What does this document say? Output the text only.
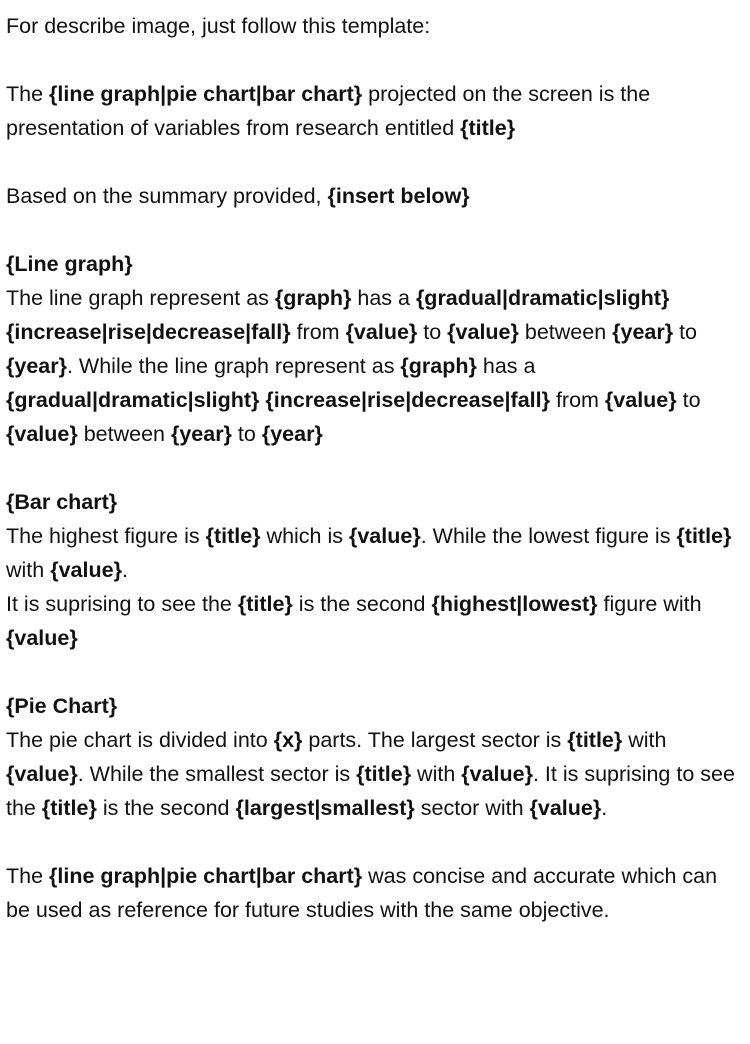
For describe image, just follow this template:

The {line graph|pie chart|bar chart} projected on the screen is the presentation of variables from research entitled {title}

Based on the summary provided, {insert below}

{Line graph}
The line graph represent as {graph} has a {gradual|dramatic|slight} {increase|rise|decrease|fall} from {value} to {value} between {year} to {year}. While the line graph represent as {graph} has a {gradual|dramatic|slight} {increase|rise|decrease|fall} from {value} to {value} between {year} to {year}

{Bar chart}
The highest figure is {title} which is {value}. While the lowest figure is {title} with {value}.
It is suprising to see the {title} is the second {highest|lowest} figure with {value}

{Pie Chart}
The pie chart is divided into {x} parts. The largest sector is {title} with {value}. While the smallest sector is {title} with {value}. It is suprising to see the {title} is the second {largest|smallest} sector with {value}.

The {line graph|pie chart|bar chart} was concise and accurate which can be used as reference for future studies with the same objective.
